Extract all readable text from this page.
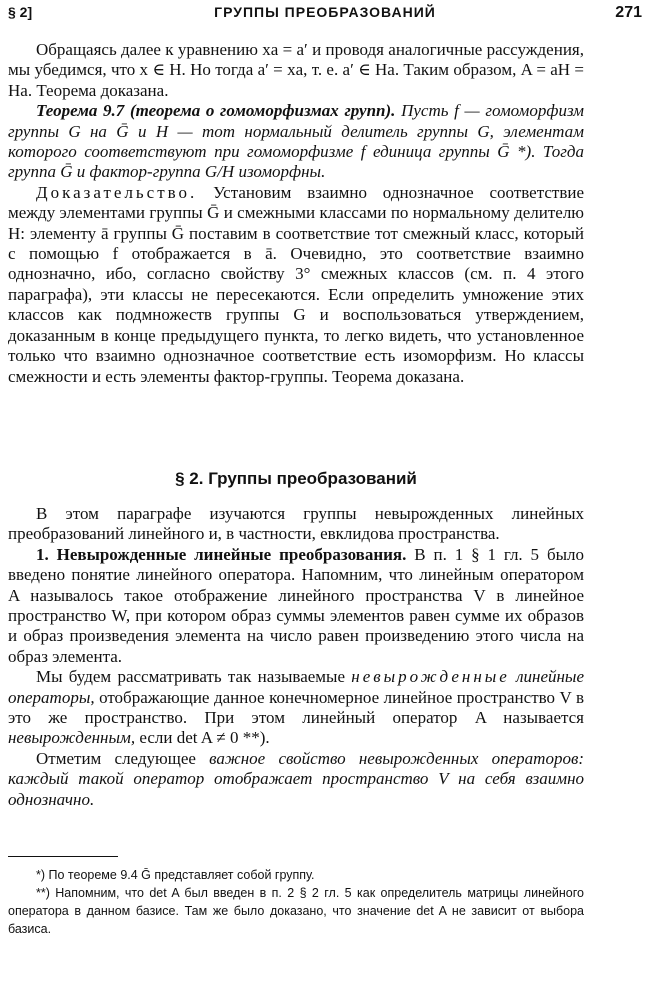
§ 2]	ГРУППЫ ПРЕОБРАЗОВАНИЙ	271

Обращаясь далее к уравнению xa = a′ и проводя аналогичные рассуждения, мы убедимся, что x ∈ H. Но тогда a′ = xa, т. е. a′ ∈ Ha. Таким образом, A = aH = Ha. Теорема доказана.

Теорема 9.7 (теорема о гомоморфизмах групп). Пусть f — гомоморфизм группы G на Ḡ и H — тот нормальный делитель группы G, элементам которого соответствуют при гомоморфизме f единица группы Ḡ *). Тогда группа Ḡ и фактор-группа G/H изоморфны.

Доказательство. Установим взаимно однозначное соответствие между элементами группы Ḡ и смежными классами по нормальному делителю H: элементу ā группы Ḡ поставим в соответствие тот смежный класс, который с помощью f отображается в ā. Очевидно, это соответствие взаимно однозначно, ибо, согласно свойству 3° смежных классов (см. п. 4 этого параграфа), эти классы не пересекаются. Если определить умножение этих классов как подмножеств группы G и воспользоваться утверждением, доказанным в конце предыдущего пункта, то легко видеть, что установленное только что взаимно однозначное соответствие есть изоморфизм. Но классы смежности и есть элементы фактор-группы. Теорема доказана.

§ 2. Группы преобразований

В этом параграфе изучаются группы невырожденных линейных преобразований линейного и, в частности, евклидова пространства.

1. Невырожденные линейные преобразования. В п. 1 § 1 гл. 5 было введено понятие линейного оператора. Напомним, что линейным оператором A называлось такое отображение линейного пространства V в линейное пространство W, при котором образ суммы элементов равен сумме их образов и образ произведения элемента на число равен произведению этого числа на образ элемента.

Мы будем рассматривать так называемые невырожденные линейные операторы, отображающие данное конечномерное линейное пространство V в это же пространство. При этом линейный оператор A называется невырожденным, если det A ≠ 0 **).

Отметим следующее важное свойство невырожденных операторов: каждый такой оператор отображает пространство V на себя взаимно однозначно.

*) По теореме 9.4 Ḡ представляет собой группу.

**) Напомним, что det A был введен в п. 2 § 2 гл. 5 как определитель матрицы линейного оператора в данном базисе. Там же было доказано, что значение det A не зависит от выбора базиса.
